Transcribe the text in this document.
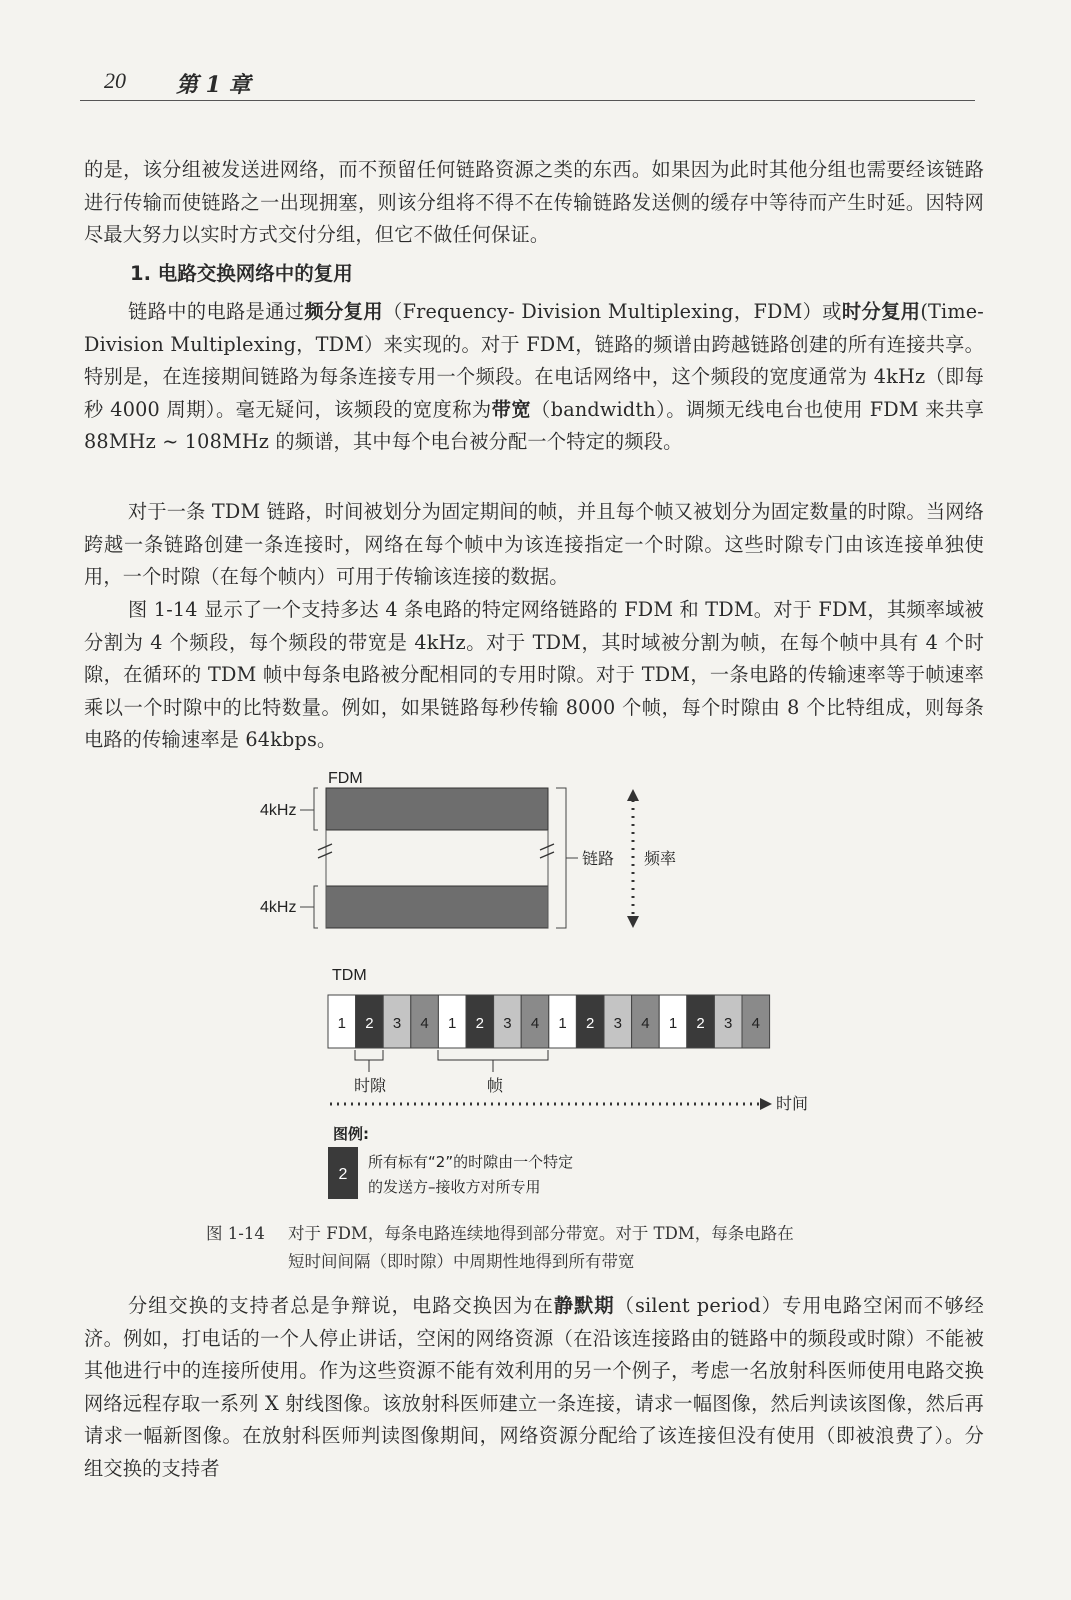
20 第 1 章

的是，该分组被发送进网络，而不预留任何链路资源之类的东西。如果因为此时其他分组也需要经该链路进行传输而使链路之一出现拥塞，则该分组将不得不在传输链路发送侧的缓存中等待而产生时延。因特网尽最大努力以实时方式交付分组，但它不做任何保证。

1. 电路交换网络中的复用

链路中的电路是通过频分复用（Frequency- Division Multiplexing，FDM）或时分复用(Time-Division Multiplexing，TDM）来实现的。对于 FDM，链路的频谱由跨越链路创建的所有连接共享。特别是，在连接期间链路为每条连接专用一个频段。在电话网络中，这个频段的宽度通常为 4kHz（即每秒 4000 周期）。毫无疑问，该频段的宽度称为带宽（bandwidth）。调频无线电台也使用 FDM 来共享 88MHz ~ 108MHz 的频谱，其中每个电台被分配一个特定的频段。

对于一条 TDM 链路，时间被划分为固定期间的帧，并且每个帧又被划分为固定数量的时隙。当网络跨越一条链路创建一条连接时，网络在每个帧中为该连接指定一个时隙。这些时隙专门由该连接单独使用，一个时隙（在每个帧内）可用于传输该连接的数据。

图 1-14 显示了一个支持多达 4 条电路的特定网络链路的 FDM 和 TDM。对于 FDM，其频率域被分割为 4 个频段，每个频段的带宽是 4kHz。对于 TDM，其时域被分割为帧，在每个帧中具有 4 个时隙，在循环的 TDM 帧中每条电路被分配相同的专用时隙。对于 TDM，一条电路的传输速率等于帧速率乘以一个时隙中的比特数量。例如，如果链路每秒传输 8000 个帧，每个时隙由 8 个比特组成，则每条电路的传输速率是 64kbps。

FDM
4kHz
4kHz
链路 频率
TDM
1 2 3 4 1 2 3 4 1 2 3 4 1 2 3 4
时隙	帧
时间
2
图例:
所有标有“2”的时隙由一个特定
的发送方–接收方对所专用
图 1-14 对于 FDM，每条电路连续地得到部分带宽。对于 TDM，每条电路在
短时间间隔（即时隙）中周期性地得到所有带宽

分组交换的支持者总是争辩说，电路交换因为在静默期（silent period）专用电路空闲而不够经济。例如，打电话的一个人停止讲话，空闲的网络资源（在沿该连接路由的链路中的频段或时隙）不能被其他进行中的连接所使用。作为这些资源不能有效利用的另一个例子，考虑一名放射科医师使用电路交换网络远程存取一系列 X 射线图像。该放射科医师建立一条连接，请求一幅图像，然后判读该图像，然后再请求一幅新图像。在放射科医师判读图像期间，网络资源分配给了该连接但没有使用（即被浪费了）。分组交换的支持者
